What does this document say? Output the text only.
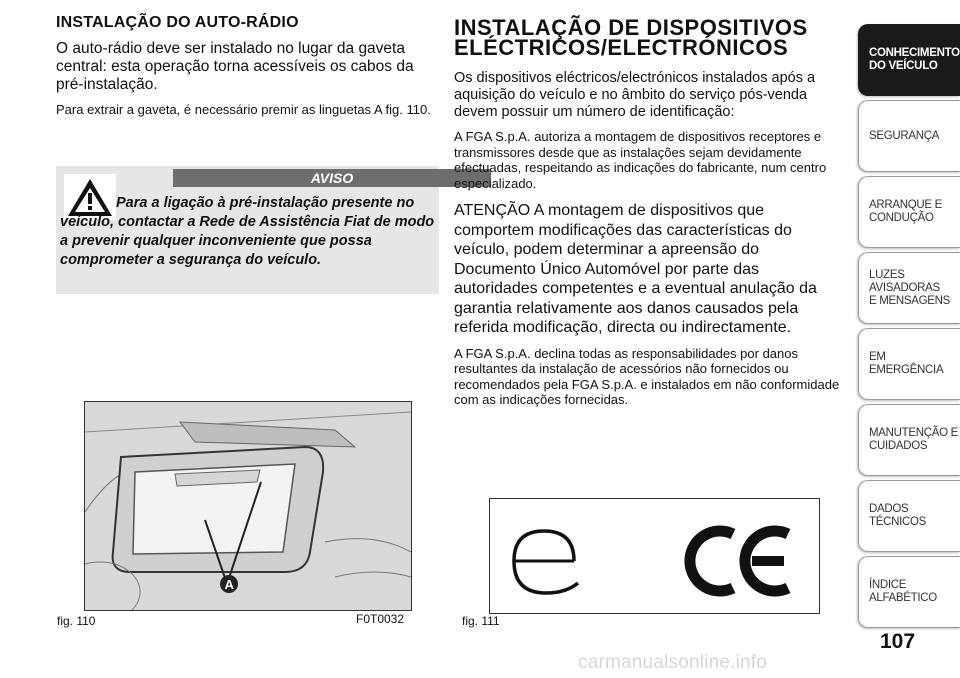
INSTALAÇÃO DO AUTO-RÁDIO

O auto-rádio deve ser instalado no lugar da gaveta central: esta operação torna acessíveis os cabos da pré-instalação.

Para extrair a gaveta, é necessário premir as linguetas A fig. 110.

AVISO
Para a ligação à pré-instalação presente no veículo, contactar a Rede de Assistência Fiat de modo a prevenir qualquer inconveniente que possa comprometer a segurança do veículo.
A
fig. 110	F0T0032
INSTALAÇÃO DE DISPOSITIVOS
ELÉCTRICOS/ELECTRÓNICOS

Os dispositivos eléctricos/electrónicos instalados após a aquisição do veículo e no âmbito do serviço pós-venda devem possuir um número de identificação:

A FGA S.p.A. autoriza a montagem de dispositivos receptores e transmissores desde que as instalações sejam devidamente efectuadas, respeitando as indicações do fabricante, num centro especializado.

ATENÇÃO A montagem de dispositivos que comportem modificações das características do veículo, podem determinar a apreensão do Documento Único Automóvel por parte das autoridades competentes e a eventual anulação da garantia relativamente aos danos causados pela referida modificação, directa ou indirectamente.

A FGA S.p.A. declina todas as responsabilidades por danos resultantes da instalação de acessórios não fornecidos ou recomendados pela FGA S.p.A. e instalados em não conformidade com as indicações fornecidas.

fig. 111
CONHECIMENTO
DO VEÍCULO
SEGURANÇA
ARRANQUE E
CONDUÇÃO
LUZES AVISADORAS
E MENSAGENS
EM EMERGÊNCIA
MANUTENÇÃO E
CUIDADOS
DADOS TÉCNICOS
ÍNDICE ALFABÉTICO
107
carmanualsonline.info
